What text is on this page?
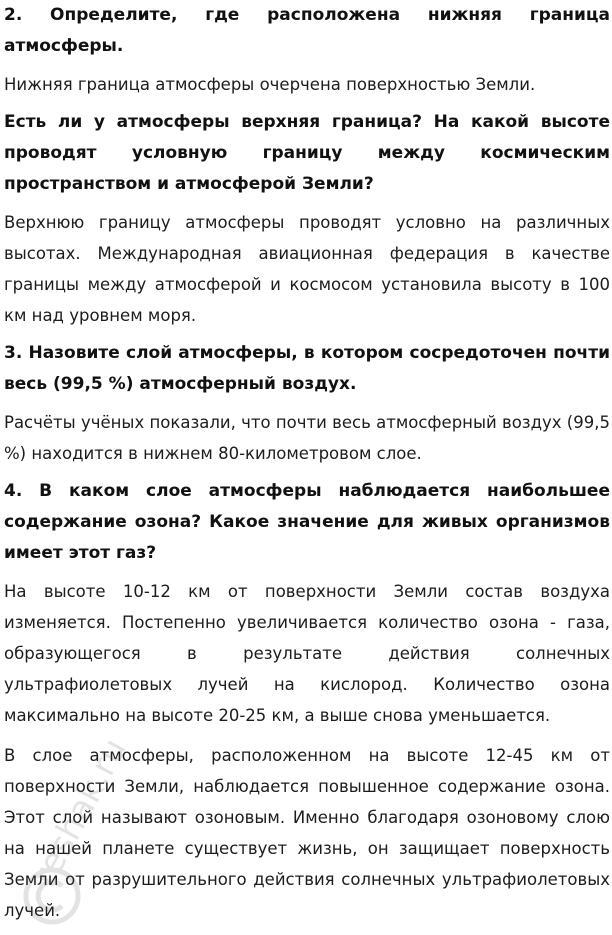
2. Определите, где расположена нижняя граница атмосферы.

Нижняя граница атмосферы очерчена поверхностью Земли.

Есть ли у атмосферы верхняя граница? На какой высоте проводят условную границу между космическим пространством и атмосферой Земли?

Верхнюю границу атмосферы проводят условно на различных высотах. Международная авиационная федерация в качестве границы между атмосферой и космосом установила высоту в 100 км над уровнем моря.

3. Назовите слой атмосферы, в котором сосредоточен почти весь (99,5 %) атмосферный воздух.

Расчёты учёных показали, что почти весь атмосферный воздух (99,5 %) находится в нижнем 80-километровом слое.

4. В каком слое атмосферы наблюдается наибольшее содержание озона? Какое значение для живых организмов имеет этот газ?

На высоте 10-12 км от поверхности Земли состав воздуха изменяется. Постепенно увеличивается количество озона - газа, образующегося в результате действия солнечных ультрафиолетовых лучей на кислород. Количество озона максимально на высоте 20-25 км, а выше снова уменьшается.

В слое атмосферы, расположенном на высоте 12-45 км от поверхности Земли, наблюдается повышенное содержание озона. Этот слой называют озоновым. Именно благодаря озоновому слою на нашей планете существует жизнь, он защищает поверхность Земли от разрушительного действия солнечных ультрафиолетовых лучей.

reshak.ru
